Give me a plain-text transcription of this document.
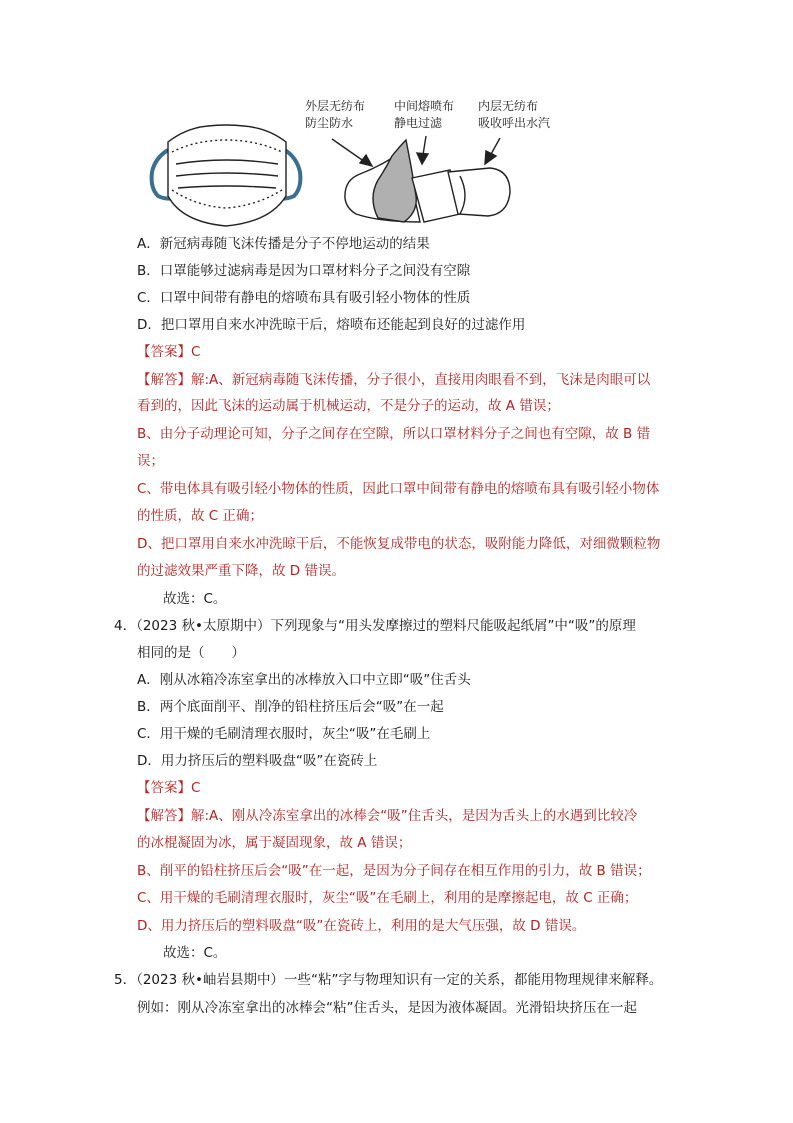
外层无纺布
防尘防水
中间熔喷布
静电过滤
内层无纺布
吸收呼出水汽
A．新冠病毒随飞沫传播是分子不停地运动的结果
B．口罩能够过滤病毒是因为口罩材料分子之间没有空隙
C．口罩中间带有静电的熔喷布具有吸引轻小物体的性质
D．把口罩用自来水冲洗晾干后，熔喷布还能起到良好的过滤作用
【答案】C
【解答】解:A、新冠病毒随飞沫传播，分子很小，直接用肉眼看不到，飞沫是肉眼可以
看到的，因此飞沫的运动属于机械运动，不是分子的运动，故 A 错误；
B、由分子动理论可知，分子之间存在空隙，所以口罩材料分子之间也有空隙，故 B 错
误；
C、带电体具有吸引轻小物体的性质，因此口罩中间带有静电的熔喷布具有吸引轻小物体
的性质，故 C 正确；
D、把口罩用自来水冲洗晾干后，不能恢复成带电的状态，吸附能力降低，对细微颗粒物
的过滤效果严重下降，故 D 错误。
故选：C。
4．（2023 秋•太原期中）下列现象与“用头发摩擦过的塑料尺能吸起纸屑”中“吸”的原理
相同的是（　　）
A．刚从冰箱冷冻室拿出的冰棒放入口中立即“吸”住舌头
B．两个底面削平、削净的铅柱挤压后会“吸”在一起
C．用干燥的毛刷清理衣服时，灰尘“吸”在毛刷上
D．用力挤压后的塑料吸盘“吸”在瓷砖上
【答案】C
【解答】解:A、刚从冷冻室拿出的冰棒会“吸”住舌头，是因为舌头上的水遇到比较冷
的冰棍凝固为冰，属于凝固现象，故 A 错误；
B、削平的铅柱挤压后会“吸”在一起，是因为分子间存在相互作用的引力，故 B 错误；
C、用干燥的毛刷清理衣服时，灰尘“吸”在毛刷上，利用的是摩擦起电，故 C 正确；
D、用力挤压后的塑料吸盘“吸”在瓷砖上，利用的是大气压强，故 D 错误。
故选：C。
5．（2023 秋•岫岩县期中）一些“粘”字与物理知识有一定的关系，都能用物理规律来解释。
例如：刚从冷冻室拿出的冰棒会“粘”住舌头，是因为液体凝固。光滑铅块挤压在一起
